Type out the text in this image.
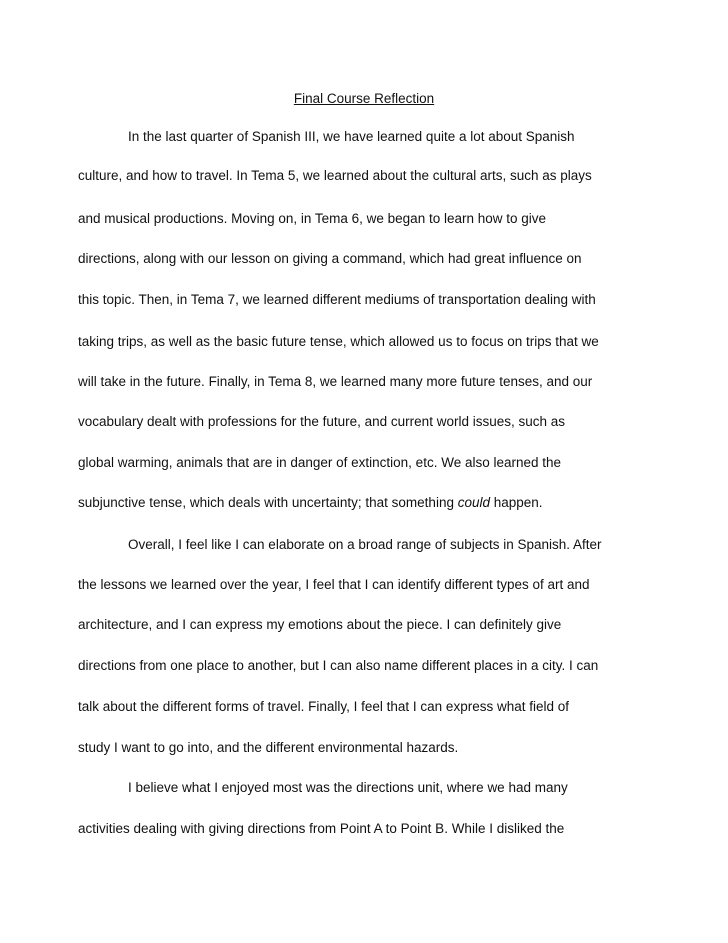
Final Course Reflection
In the last quarter of Spanish III, we have learned quite a lot about Spanish
culture, and how to travel. In Tema 5, we learned about the cultural arts, such as plays
and musical productions. Moving on, in Tema 6, we began to learn how to give
directions, along with our lesson on giving a command, which had great influence on
this topic. Then, in Tema 7, we learned different mediums of transportation dealing with
taking trips, as well as the basic future tense, which allowed us to focus on trips that we
will take in the future. Finally, in Tema 8, we learned many more future tenses, and our
vocabulary dealt with professions for the future, and current world issues, such as
global warming, animals that are in danger of extinction, etc. We also learned the
subjunctive tense, which deals with uncertainty; that something could happen.
Overall, I feel like I can elaborate on a broad range of subjects in Spanish. After
the lessons we learned over the year, I feel that I can identify different types of art and
architecture, and I can express my emotions about the piece. I can definitely give
directions from one place to another, but I can also name different places in a city. I can
talk about the different forms of travel. Finally, I feel that I can express what field of
study I want to go into, and the different environmental hazards.
I believe what I enjoyed most was the directions unit, where we had many
activities dealing with giving directions from Point A to Point B. While I disliked the
